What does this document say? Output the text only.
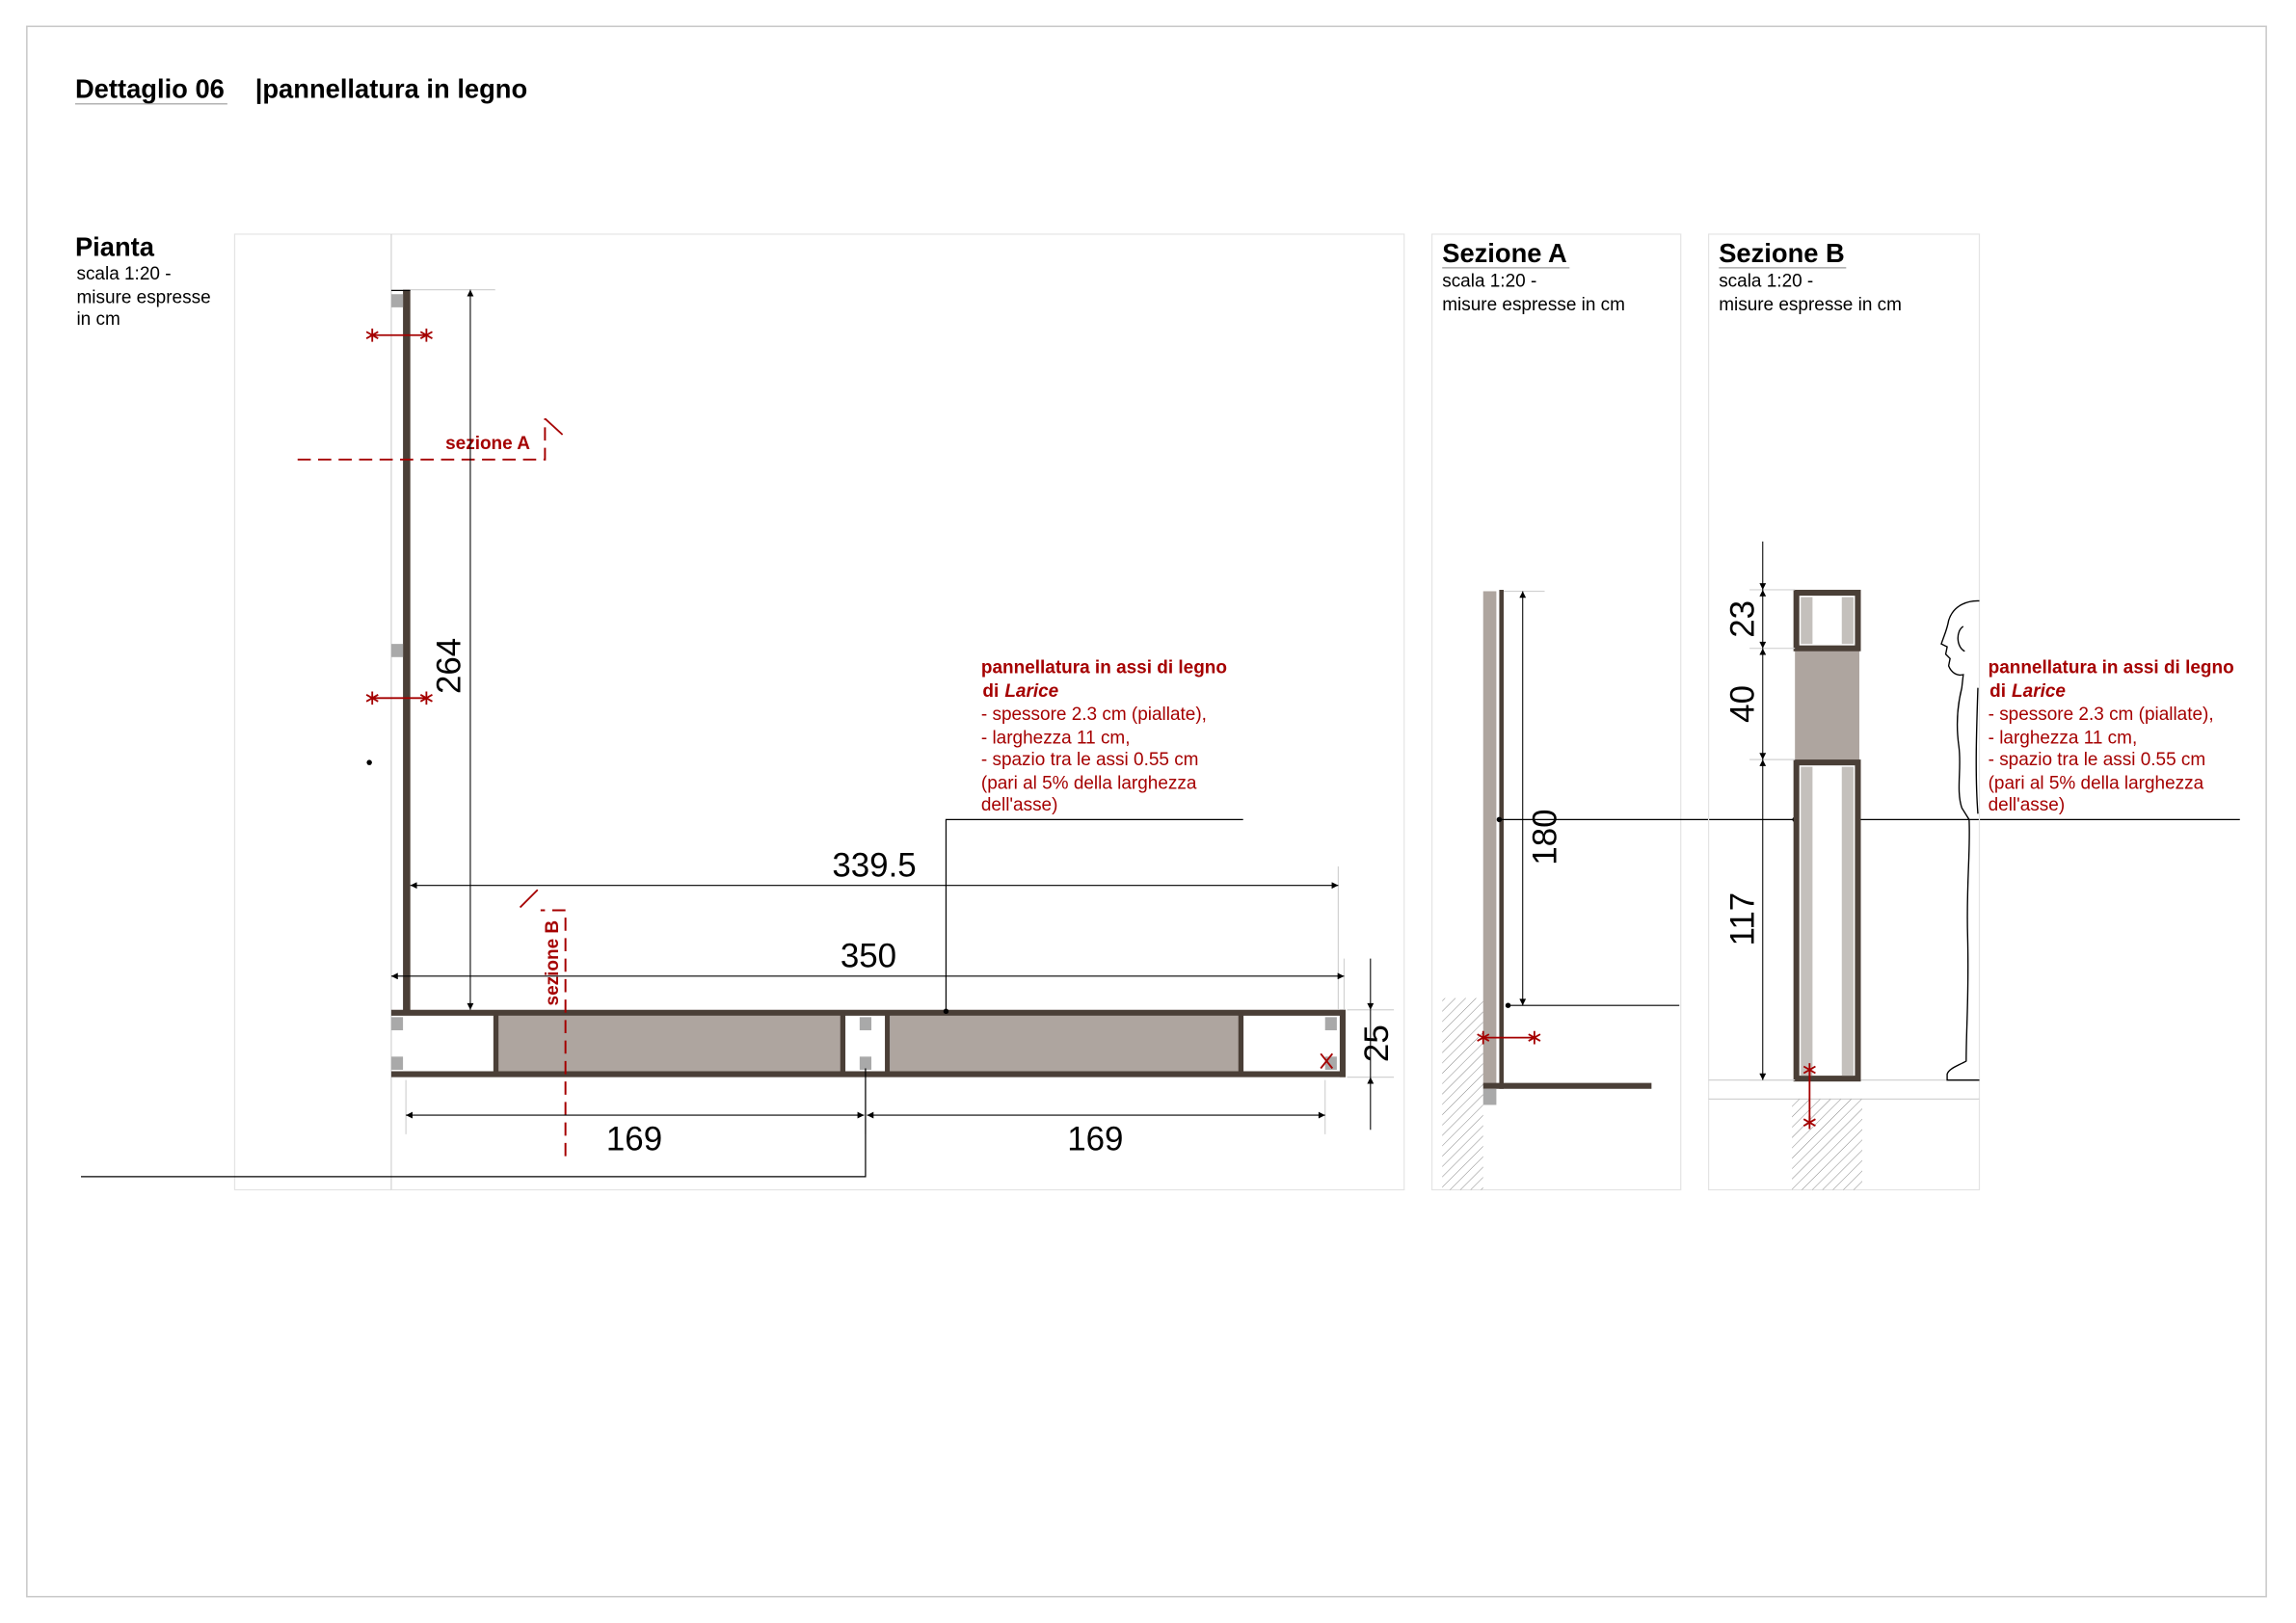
Dettaglio 06 |pannellatura in legno
Pianta
scala 1:20 -
misure espresse
in cm
sezione A
sezione B
264
339.5
350
25
169	169
pannellatura in assi di legno
di Larice
- spessore 2.3 cm (piallate),
- larghezza 11 cm,
- spazio tra le assi 0.55 cm
(pari al 5% della larghezza
dell'asse)
Sezione A
scala 1:20 -
misure espresse in cm
180
Sezione B
scala 1:20 -
misure espresse in cm
23
40
117
pannellatura in assi di legno
di Larice
- spessore 2.3 cm (piallate),
- larghezza 11 cm,
- spazio tra le assi 0.55 cm
(pari al 5% della larghezza
dell'asse)
